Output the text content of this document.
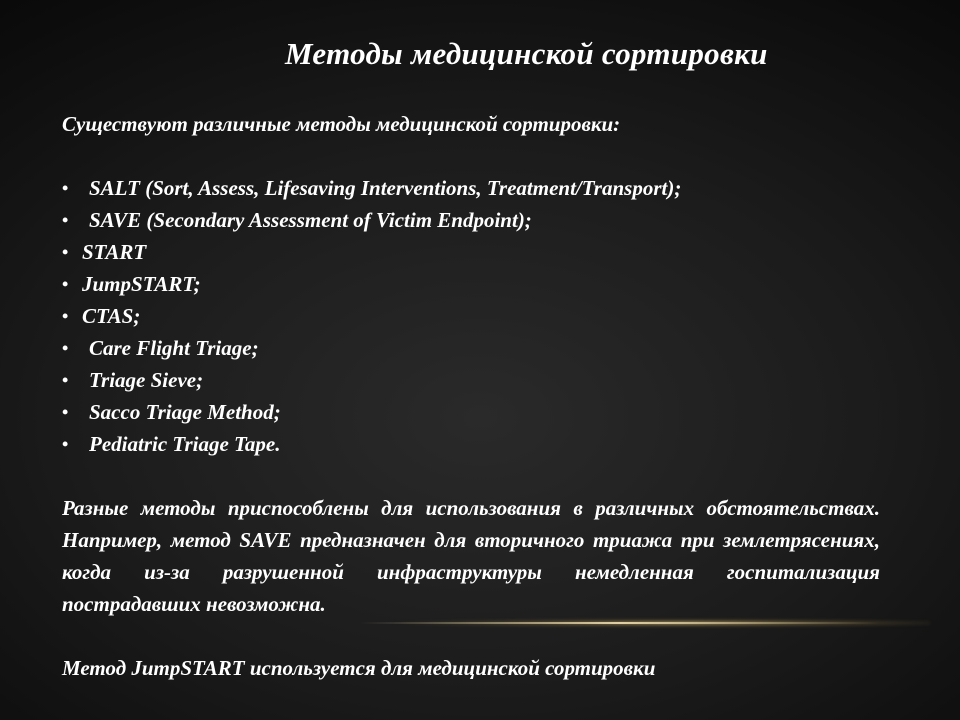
Методы медицинской сортировки

Существуют различные методы медицинской сортировки:

• SALT (Sort, Assess, Lifesaving Interventions, Treatment/Transport);
• SAVE (Secondary Assessment of Victim Endpoint);
• START
• JumpSTART;
• CTAS;
• Care Flight Triage;
• Triage Sieve;
• Sacco Triage Method;
• Pediatric Triage Tape.

Разные методы приспособлены для использования в различных обстоятельствах. Например, метод SAVE предназначен для вторичного триажа при землетрясениях, когда из-за разрушенной инфраструктуры немедленная госпитализация пострадавших невозможна.

Метод JumpSTART используется для медицинской сортировки
